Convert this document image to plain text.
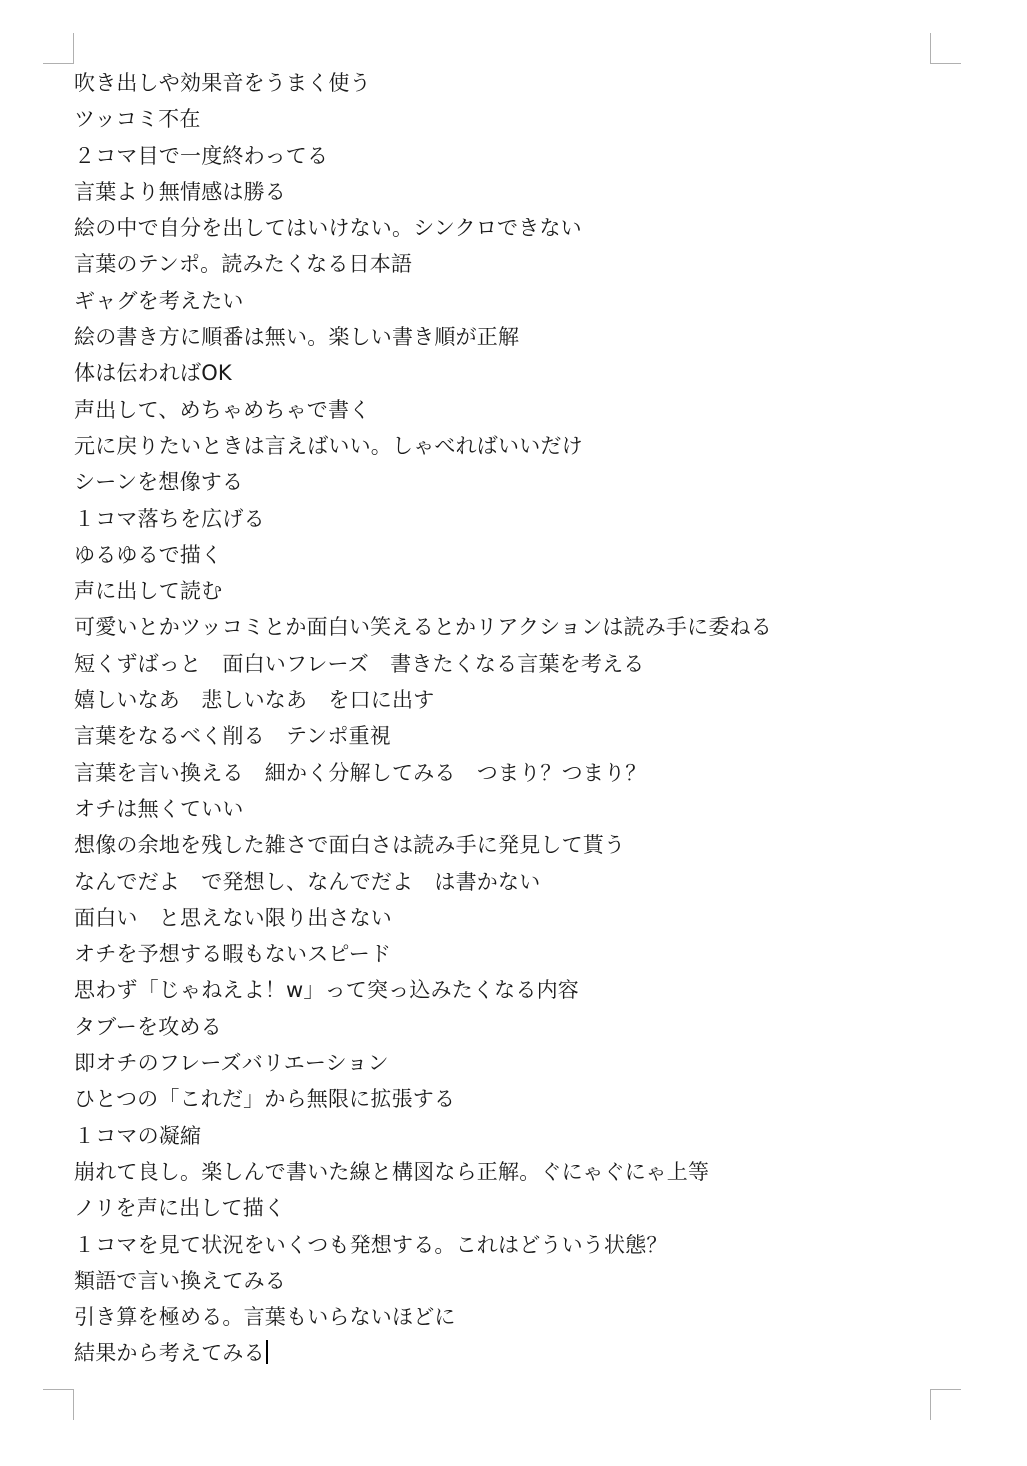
吹き出しや効果音をうまく使う
ツッコミ不在
２コマ目で一度終わってる
言葉より無情感は勝る
絵の中で自分を出してはいけない。シンクロできない
言葉のテンポ。読みたくなる日本語
ギャグを考えたい
絵の書き方に順番は無い。楽しい書き順が正解
体は伝わればOK
声出して、めちゃめちゃで書く
元に戻りたいときは言えばいい。しゃべればいいだけ
シーンを想像する
１コマ落ちを広げる
ゆるゆるで描く
声に出して読む
可愛いとかツッコミとか面白い笑えるとかリアクションは読み手に委ねる
短くずばっと　面白いフレーズ　書きたくなる言葉を考える
嬉しいなあ　悲しいなあ　を口に出す
言葉をなるべく削る　テンポ重視
言葉を言い換える　細かく分解してみる　つまり？つまり？
オチは無くていい
想像の余地を残した雑さで面白さは読み手に発見して貰う
なんでだよ　で発想し、なんでだよ　は書かない
面白い　と思えない限り出さない
オチを予想する暇もないスピード
思わず「じゃねえよ！w」って突っ込みたくなる内容
タブーを攻める
即オチのフレーズバリエーション
ひとつの「これだ」から無限に拡張する
１コマの凝縮
崩れて良し。楽しんで書いた線と構図なら正解。ぐにゃぐにゃ上等
ノリを声に出して描く
１コマを見て状況をいくつも発想する。これはどういう状態？
類語で言い換えてみる
引き算を極める。言葉もいらないほどに
結果から考えてみる
